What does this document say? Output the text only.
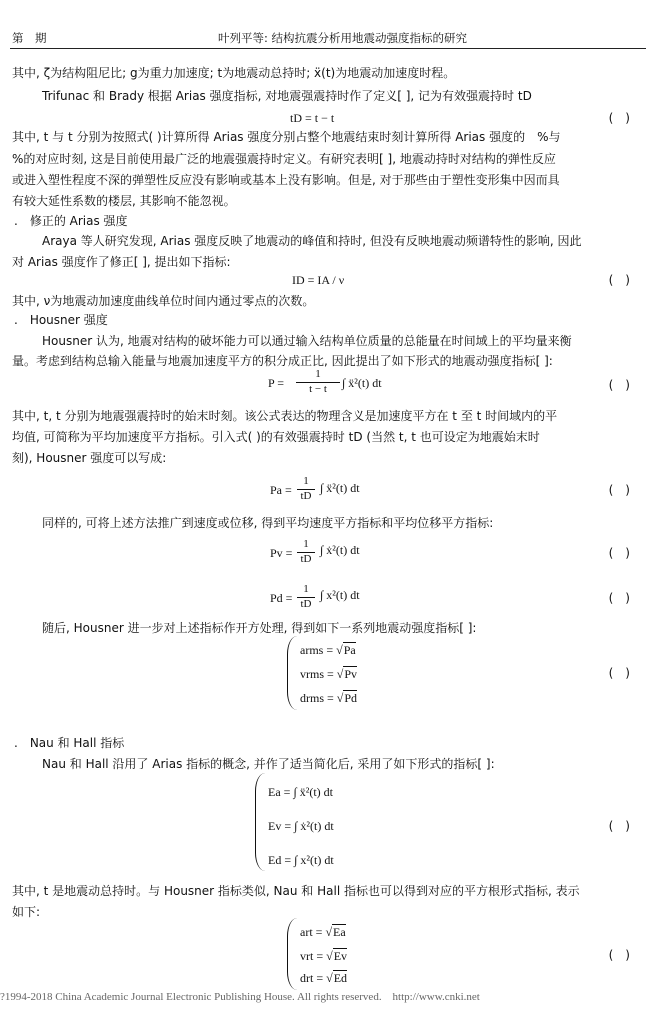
第　期	叶列平等: 结构抗震分析用地震动强度指标的研究
其中, ζ为结构阻尼比; g为重力加速度; t为地震动总持时; ẍ(t)为地震动加速度时程。
Trifunac 和 Brady 根据 Arias 强度指标, 对地震强震持时作了定义[ ], 记为有效强震持时 tD
tD = t − t	(　)
其中, t 与 t 分别为按照式( )计算所得 Arias 强度分别占整个地震结束时刻计算所得 Arias 强度的　%与
%的对应时刻, 这是目前使用最广泛的地震强震持时定义。有研究表明[ ], 地震动持时对结构的弹性反应
或进入塑性程度不深的弹塑性反应没有影响或基本上没有影响。但是, 对于那些由于塑性变形集中因而具
有较大延性系数的楼层, 其影响不能忽视。
.　修正的 Arias 强度
Araya 等人研究发现, Arias 强度反映了地震动的峰值和持时, 但没有反映地震动频谱特性的影响, 因此
对 Arias 强度作了修正[ ], 提出如下指标:
ID = IA / ν	(　)
其中, ν为地震动加速度曲线单位时间内通过零点的次数。
.　Housner 强度
Housner 认为, 地震对结构的破坏能力可以通过输入结构单位质量的总能量在时间域上的平均量来衡
量。考虑到结构总输入能量与地震加速度平方的积分成正比, 因此提出了如下形式的地震动强度指标[ ]:
P =
1
t − t	∫ ẍ²(t) dt	(　)
其中, t, t 分别为地震强震持时的始末时刻。该公式表达的物理含义是加速度平方在 t 至 t 时间域内的平
均值, 可简称为平均加速度平方指标。引入式( )的有效强震持时 tD (当然 t, t 也可设定为地震始末时
刻), Housner 强度可以写成:
Pa =
1
tD
∫ ẍ²(t) dt	(　)
同样的, 可将上述方法推广到速度或位移, 得到平均速度平方指标和平均位移平方指标:
Pv =
1
tD
∫ ẋ²(t) dt	(　)
Pd =
1
tD
∫ x²(t) dt	(　)
随后, Housner 进一步对上述指标作开方处理, 得到如下一系列地震动强度指标[ ]:
arms = √Pa
vrms = √Pv
drms = √Pd
(　)
.　Nau 和 Hall 指标
Nau 和 Hall 沿用了 Arias 指标的概念, 并作了适当简化后, 采用了如下形式的指标[ ]:
Ea = ∫ ẍ²(t) dt
Ev = ∫ ẋ²(t) dt
Ed = ∫ x²(t) dt
(　)
其中, t 是地震动总持时。与 Housner 指标类似, Nau 和 Hall 指标也可以得到对应的平方根形式指标, 表示
如下:
art = √Ea
vrt = √Ev
drt = √Ed
(　)
?1994-2018 China Academic Journal Electronic Publishing House. All rights reserved.　http://www.cnki.net
